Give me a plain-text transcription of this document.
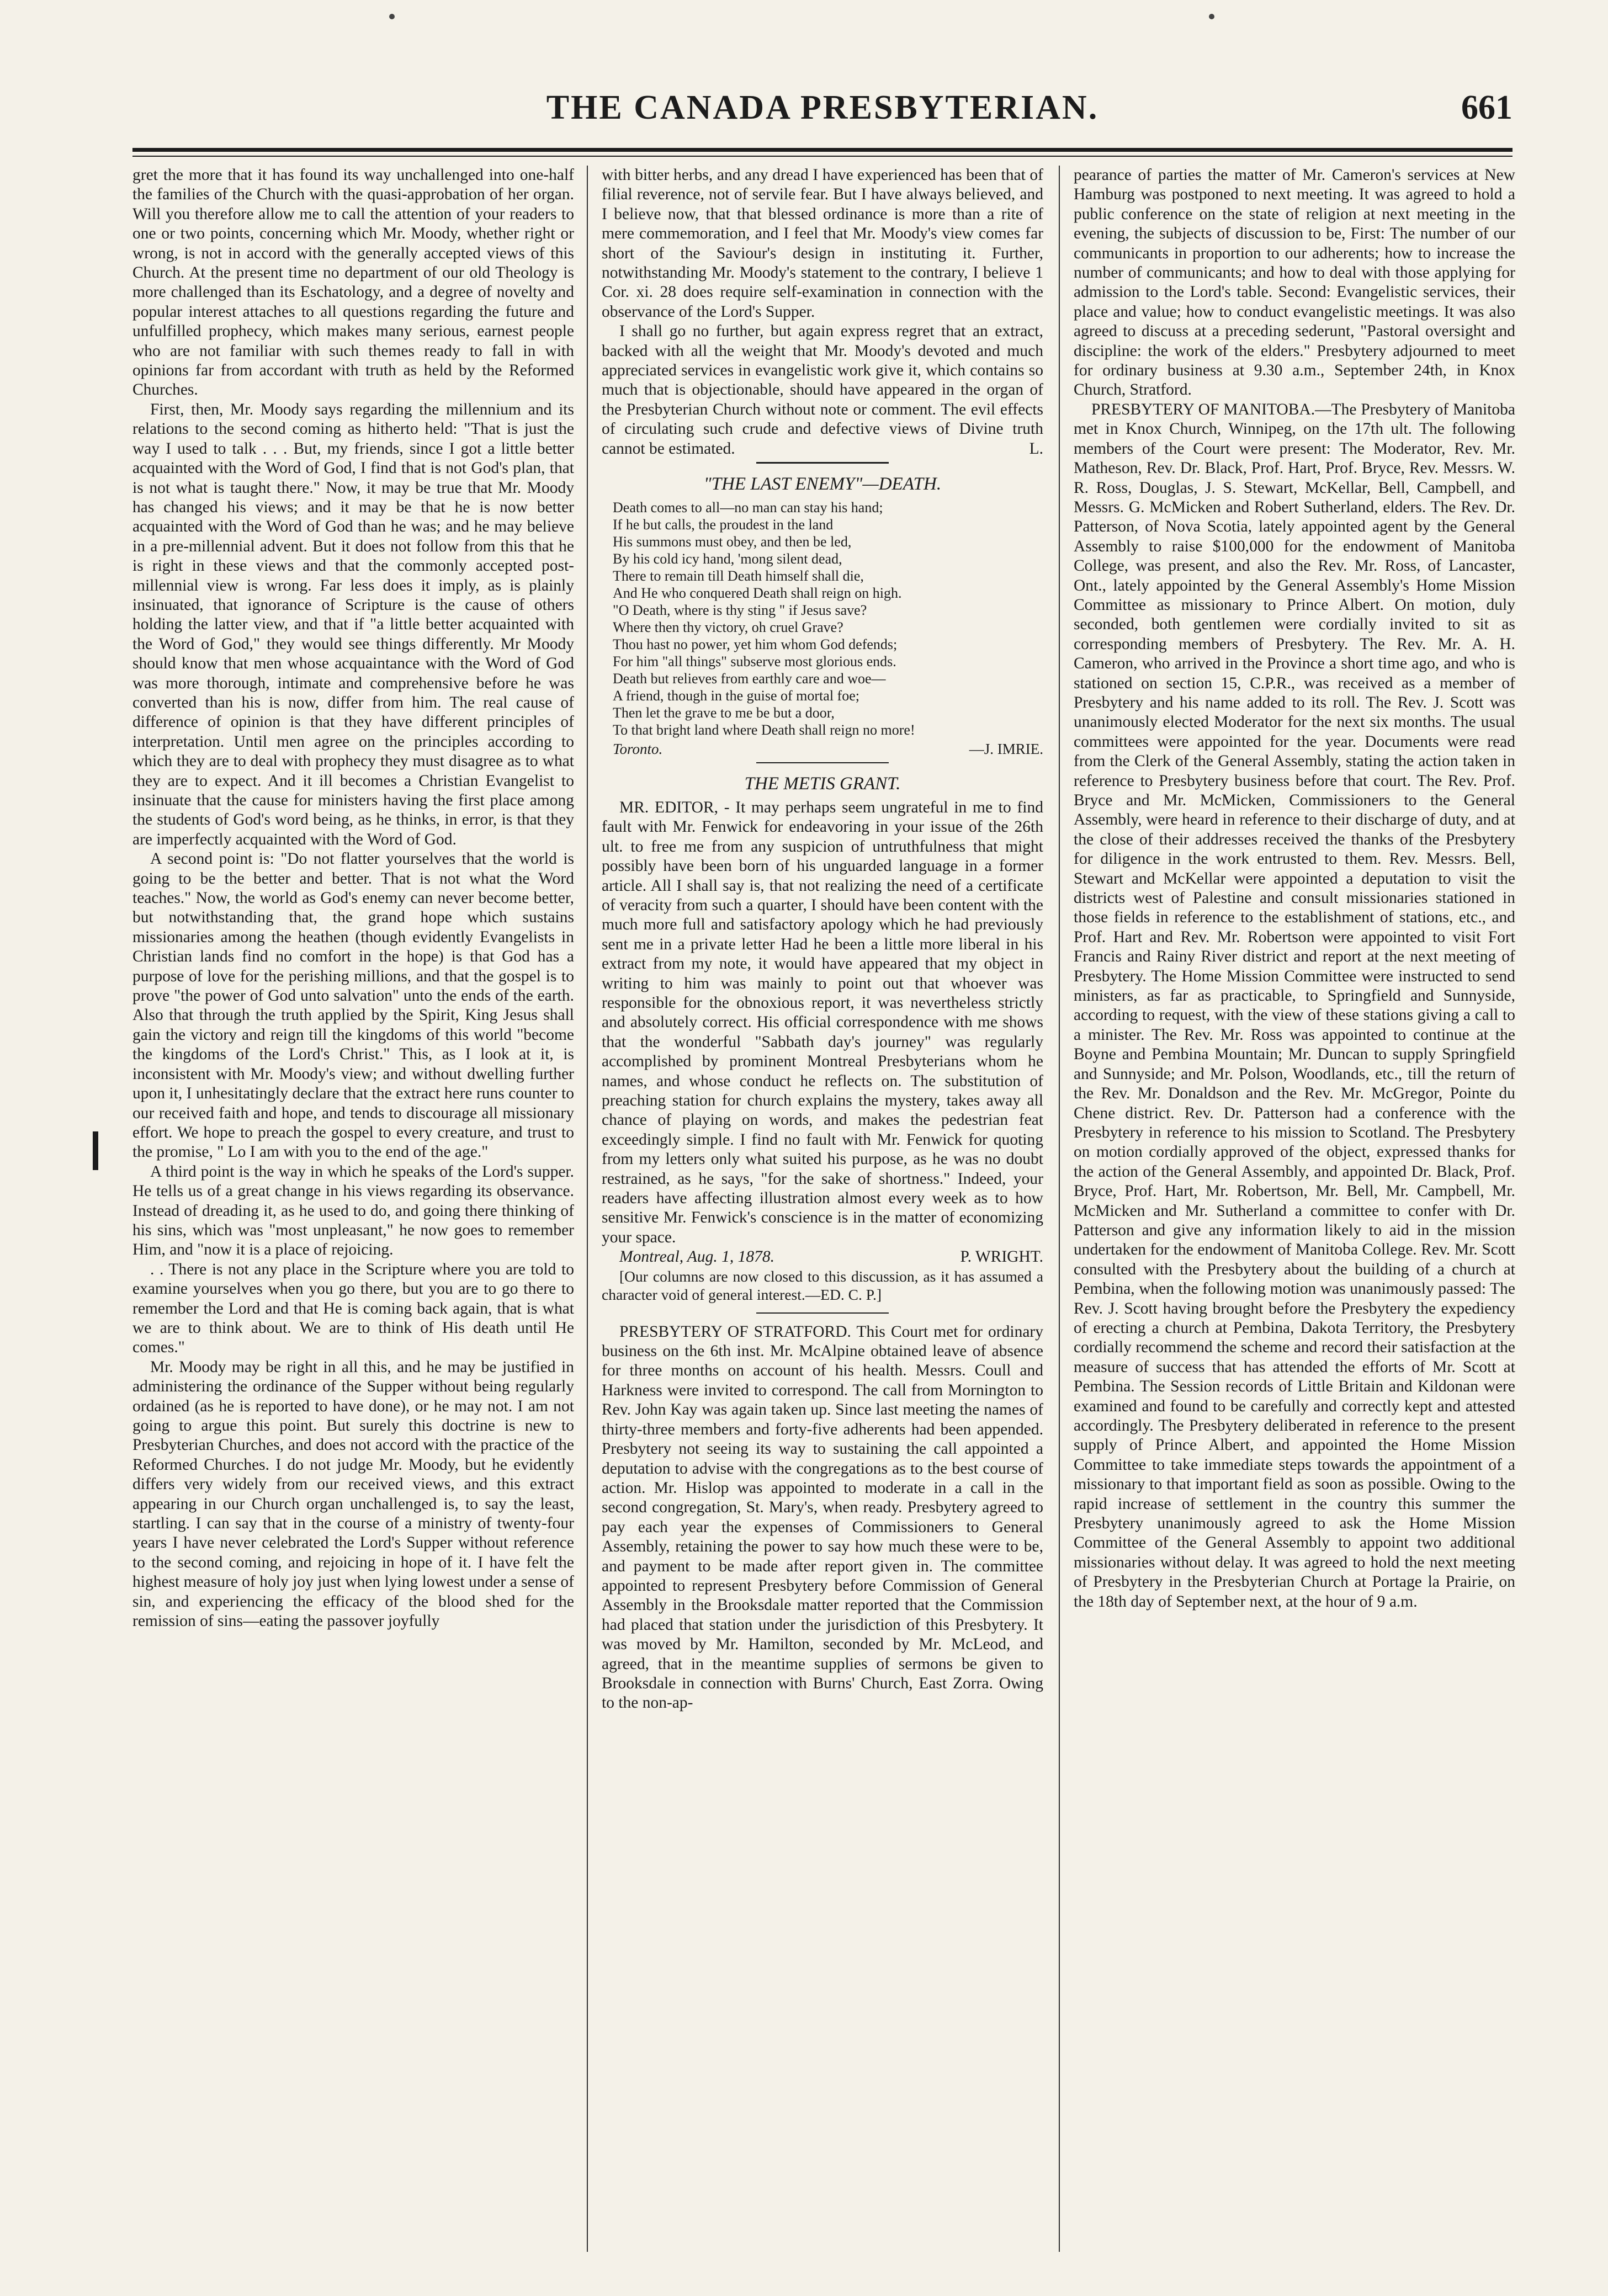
THE CANADA PRESBYTERIAN.	661

gret the more that it has found its way unchallenged into one-half the families of the Church with the quasi-approbation of her organ. Will you therefore allow me to call the attention of your readers to one or two points, concerning which Mr. Moody, whether right or wrong, is not in accord with the generally accepted views of this Church. At the present time no department of our old Theology is more challenged than its Eschatology, and a degree of novelty and popular interest attaches to all questions regarding the future and unfulfilled prophecy, which makes many serious, earnest people who are not familiar with such themes ready to fall in with opinions far from accordant with truth as held by the Reformed Churches.

First, then, Mr. Moody says regarding the millennium and its relations to the second coming as hitherto held: "That is just the way I used to talk . . . But, my friends, since I got a little better acquainted with the Word of God, I find that is not God's plan, that is not what is taught there." Now, it may be true that Mr. Moody has changed his views; and it may be that he is now better acquainted with the Word of God than he was; and he may believe in a pre-millennial advent. But it does not follow from this that he is right in these views and that the commonly accepted post-millennial view is wrong. Far less does it imply, as is plainly insinuated, that ignorance of Scripture is the cause of others holding the latter view, and that if "a little better acquainted with the Word of God," they would see things differently. Mr Moody should know that men whose acquaintance with the Word of God was more thorough, intimate and comprehensive before he was converted than his is now, differ from him. The real cause of difference of opinion is that they have different principles of interpretation. Until men agree on the principles according to which they are to deal with prophecy they must disagree as to what they are to expect. And it ill becomes a Christian Evangelist to insinuate that the cause for ministers having the first place among the students of God's word being, as he thinks, in error, is that they are imperfectly acquainted with the Word of God.

A second point is: "Do not flatter yourselves that the world is going to be the better and better. That is not what the Word teaches." Now, the world as God's enemy can never become better, but notwithstanding that, the grand hope which sustains missionaries among the heathen (though evidently Evangelists in Christian lands find no comfort in the hope) is that God has a purpose of love for the perishing millions, and that the gospel is to prove "the power of God unto salvation" unto the ends of the earth. Also that through the truth applied by the Spirit, King Jesus shall gain the victory and reign till the kingdoms of this world "become the kingdoms of the Lord's Christ." This, as I look at it, is inconsistent with Mr. Moody's view; and without dwelling further upon it, I unhesitatingly declare that the extract here runs counter to our received faith and hope, and tends to discourage all missionary effort. We hope to preach the gospel to every creature, and trust to the promise, " Lo I am with you to the end of the age."

A third point is the way in which he speaks of the Lord's supper. He tells us of a great change in his views regarding its observance. Instead of dreading it, as he used to do, and going there thinking of his sins, which was "most unpleasant," he now goes to remember Him, and "now it is a place of rejoicing.

. . There is not any place in the Scripture where you are told to examine yourselves when you go there, but you are to go there to remember the Lord and that He is coming back again, that is what we are to think about. We are to think of His death until He comes."

Mr. Moody may be right in all this, and he may be justified in administering the ordinance of the Supper without being regularly ordained (as he is reported to have done), or he may not. I am not going to argue this point. But surely this doctrine is new to Presbyterian Churches, and does not accord with the practice of the Reformed Churches. I do not judge Mr. Moody, but he evidently differs very widely from our received views, and this extract appearing in our Church organ unchallenged is, to say the least, startling. I can say that in the course of a ministry of twenty-four years I have never celebrated the Lord's Supper without reference to the second coming, and rejoicing in hope of it. I have felt the highest measure of holy joy just when lying lowest under a sense of sin, and experiencing the efficacy of the blood shed for the remission of sins—eating the passover joyfully

with bitter herbs, and any dread I have experienced has been that of filial reverence, not of servile fear. But I have always believed, and I believe now, that that blessed ordinance is more than a rite of mere commemoration, and I feel that Mr. Moody's view comes far short of the Saviour's design in instituting it. Further, notwithstanding Mr. Moody's statement to the contrary, I believe 1 Cor. xi. 28 does require self-examination in connection with the observance of the Lord's Supper.

I shall go no further, but again express regret that an extract, backed with all the weight that Mr. Moody's devoted and much appreciated services in evangelistic work give it, which contains so much that is objectionable, should have appeared in the organ of the Presbyterian Church without note or comment. The evil effects of circulating such crude and defective views of Divine truth cannot be estimated.	L.

"THE LAST ENEMY"—DEATH.
Death comes to all—no man can stay his hand;
If he but calls, the proudest in the land
His summons must obey, and then be led,
By his cold icy hand, 'mong silent dead,
There to remain till Death himself shall die,
And He who conquered Death shall reign on high.
"O Death, where is thy sting " if Jesus save?
Where then thy victory, oh cruel Grave?
Thou hast no power, yet him whom God defends;
For him "all things" subserve most glorious ends.
Death but relieves from earthly care and woe—
A friend, though in the guise of mortal foe;
Then let the grave to me be but a door,
To that bright land where Death shall reign no more!
Toronto.	—J. IMRIE.
THE METIS GRANT.

MR. EDITOR, - It may perhaps seem ungrateful in me to find fault with Mr. Fenwick for endeavoring in your issue of the 26th ult. to free me from any suspicion of untruthfulness that might possibly have been born of his unguarded language in a former article. All I shall say is, that not realizing the need of a certificate of veracity from such a quarter, I should have been content with the much more full and satisfactory apology which he had previously sent me in a private letter Had he been a little more liberal in his extract from my note, it would have appeared that my object in writing to him was mainly to point out that whoever was responsible for the obnoxious report, it was nevertheless strictly and absolutely correct. His official correspondence with me shows that the wonderful "Sabbath day's journey" was regularly accomplished by prominent Montreal Presbyterians whom he names, and whose conduct he reflects on. The substitution of preaching station for church explains the mystery, takes away all chance of playing on words, and makes the pedestrian feat exceedingly simple. I find no fault with Mr. Fenwick for quoting from my letters only what suited his purpose, as he was no doubt restrained, as he says, "for the sake of shortness." Indeed, your readers have affecting illustration almost every week as to how sensitive Mr. Fenwick's conscience is in the matter of economizing your space.

Montreal, Aug. 1, 1878.	P. WRIGHT.

[Our columns are now closed to this discussion, as it has assumed a character void of general interest.—ED. C. P.]

PRESBYTERY OF STRATFORD. This Court met for ordinary business on the 6th inst. Mr. McAlpine obtained leave of absence for three months on account of his health. Messrs. Coull and Harkness were invited to correspond. The call from Mornington to Rev. John Kay was again taken up. Since last meeting the names of thirty-three members and forty-five adherents had been appended. Presbytery not seeing its way to sustaining the call appointed a deputation to advise with the congregations as to the best course of action. Mr. Hislop was appointed to moderate in a call in the second congregation, St. Mary's, when ready. Presbytery agreed to pay each year the expenses of Commissioners to General Assembly, retaining the power to say how much these were to be, and payment to be made after report given in. The committee appointed to represent Presbytery before Commission of General Assembly in the Brooksdale matter reported that the Commission had placed that station under the jurisdiction of this Presbytery. It was moved by Mr. Hamilton, seconded by Mr. McLeod, and agreed, that in the meantime supplies of sermons be given to Brooksdale in connection with Burns' Church, East Zorra. Owing to the non-ap-

pearance of parties the matter of Mr. Cameron's services at New Hamburg was postponed to next meeting. It was agreed to hold a public conference on the state of religion at next meeting in the evening, the subjects of discussion to be, First: The number of our communicants in proportion to our adherents; how to increase the number of communicants; and how to deal with those applying for admission to the Lord's table. Second: Evangelistic services, their place and value; how to conduct evangelistic meetings. It was also agreed to discuss at a preceding sederunt, "Pastoral oversight and discipline: the work of the elders." Presbytery adjourned to meet for ordinary business at 9.30 a.m., September 24th, in Knox Church, Stratford.

PRESBYTERY OF MANITOBA.—The Presbytery of Manitoba met in Knox Church, Winnipeg, on the 17th ult. The following members of the Court were present: The Moderator, Rev. Mr. Matheson, Rev. Dr. Black, Prof. Hart, Prof. Bryce, Rev. Messrs. W. R. Ross, Douglas, J. S. Stewart, McKellar, Bell, Campbell, and Messrs. G. McMicken and Robert Sutherland, elders. The Rev. Dr. Patterson, of Nova Scotia, lately appointed agent by the General Assembly to raise $100,000 for the endowment of Manitoba College, was present, and also the Rev. Mr. Ross, of Lancaster, Ont., lately appointed by the General Assembly's Home Mission Committee as missionary to Prince Albert. On motion, duly seconded, both gentlemen were cordially invited to sit as corresponding members of Presbytery. The Rev. Mr. A. H. Cameron, who arrived in the Province a short time ago, and who is stationed on section 15, C.P.R., was received as a member of Presbytery and his name added to its roll. The Rev. J. Scott was unanimously elected Moderator for the next six months. The usual committees were appointed for the year. Documents were read from the Clerk of the General Assembly, stating the action taken in reference to Presbytery business before that court. The Rev. Prof. Bryce and Mr. McMicken, Commissioners to the General Assembly, were heard in reference to their discharge of duty, and at the close of their addresses received the thanks of the Presbytery for diligence in the work entrusted to them. Rev. Messrs. Bell, Stewart and McKellar were appointed a deputation to visit the districts west of Palestine and consult missionaries stationed in those fields in reference to the establishment of stations, etc., and Prof. Hart and Rev. Mr. Robertson were appointed to visit Fort Francis and Rainy River district and report at the next meeting of Presbytery. The Home Mission Committee were instructed to send ministers, as far as practicable, to Springfield and Sunnyside, according to request, with the view of these stations giving a call to a minister. The Rev. Mr. Ross was appointed to continue at the Boyne and Pembina Mountain; Mr. Duncan to supply Springfield and Sunnyside; and Mr. Polson, Woodlands, etc., till the return of the Rev. Mr. Donaldson and the Rev. Mr. McGregor, Pointe du Chene district. Rev. Dr. Patterson had a conference with the Presbytery in reference to his mission to Scotland. The Presbytery on motion cordially approved of the object, expressed thanks for the action of the General Assembly, and appointed Dr. Black, Prof. Bryce, Prof. Hart, Mr. Robertson, Mr. Bell, Mr. Campbell, Mr. McMicken and Mr. Sutherland a committee to confer with Dr. Patterson and give any information likely to aid in the mission undertaken for the endowment of Manitoba College. Rev. Mr. Scott consulted with the Presbytery about the building of a church at Pembina, when the following motion was unanimously passed: The Rev. J. Scott having brought before the Presbytery the expediency of erecting a church at Pembina, Dakota Territory, the Presbytery cordially recommend the scheme and record their satisfaction at the measure of success that has attended the efforts of Mr. Scott at Pembina. The Session records of Little Britain and Kildonan were examined and found to be carefully and correctly kept and attested accordingly. The Presbytery deliberated in reference to the present supply of Prince Albert, and appointed the Home Mission Committee to take immediate steps towards the appointment of a missionary to that important field as soon as possible. Owing to the rapid increase of settlement in the country this summer the Presbytery unanimously agreed to ask the Home Mission Committee of the General Assembly to appoint two additional missionaries without delay. It was agreed to hold the next meeting of Presbytery in the Presbyterian Church at Portage la Prairie, on the 18th day of September next, at the hour of 9 a.m.
